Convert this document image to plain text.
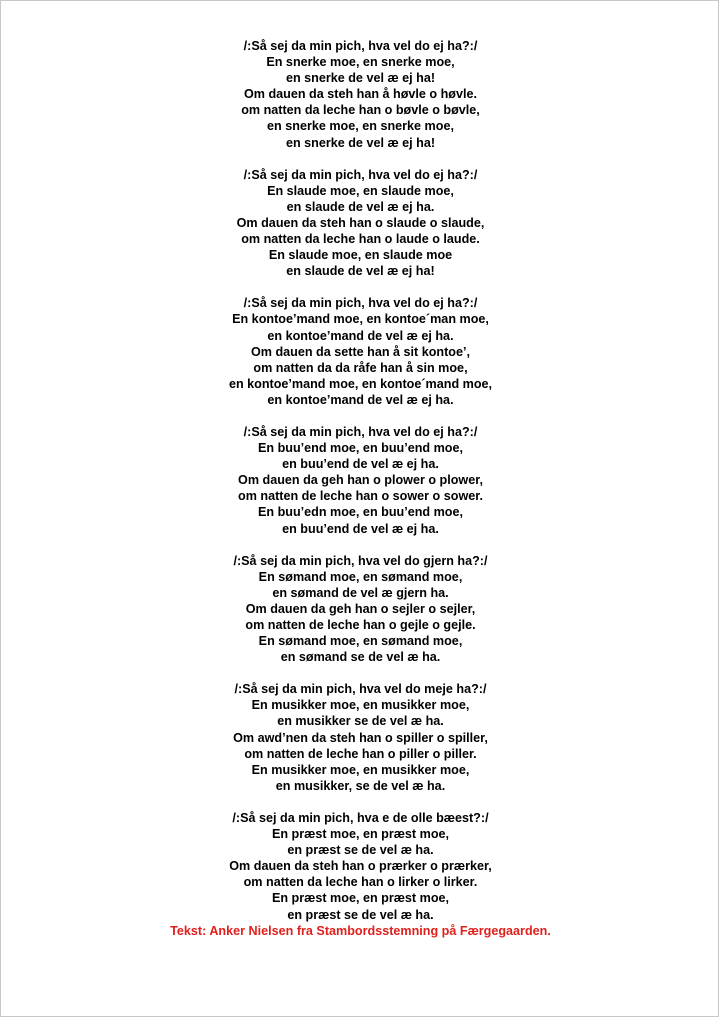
/:Så sej da min pich, hva vel do ej ha?:/
En snerke moe, en snerke moe,
en snerke de vel æ ej ha!
Om dauen da steh han å høvle o høvle.
om natten da leche han o bøvle o bøvle,
en snerke moe, en snerke moe,
en snerke de vel æ ej ha!
/:Så sej da min pich, hva vel do ej ha?:/
En slaude moe, en slaude moe,
en slaude de vel æ ej ha.
Om dauen da steh han o slaude o slaude,
om natten da leche han o laude o laude.
En slaude moe, en slaude moe
en slaude de vel æ ej ha!
/:Så sej da min pich, hva vel do ej ha?:/
En kontoe’mand moe, en kontoe´man moe,
en kontoe’mand de vel æ ej ha.
Om dauen da sette han å sit kontoe’,
om natten da da råfe han å sin moe,
en kontoe’mand moe, en kontoe´mand moe,
en kontoe’mand de vel æ ej ha.
/:Så sej da min pich, hva vel do ej ha?:/
En buu’end moe, en buu’end moe,
en buu’end de vel æ ej ha.
Om dauen da geh han o plower o plower,
om natten de leche han o sower o sower.
En buu’edn moe, en buu’end moe,
en buu’end de vel æ ej ha.
/:Så sej da min pich, hva vel do gjern ha?:/
En sømand moe, en sømand moe,
en sømand de vel æ gjern ha.
Om dauen da geh han o sejler o sejler,
om natten de leche han o gejle o gejle.
En sømand moe, en sømand moe,
en sømand se de vel æ ha.
/:Så sej da min pich, hva vel do meje ha?:/
En musikker moe, en musikker moe,
en musikker se de vel æ ha.
Om awd’nen da steh han o spiller o spiller,
om natten de leche han o piller o piller.
En musikker moe, en musikker moe,
en musikker, se de vel æ ha.
/:Så sej da min pich, hva e de olle bæest?:/
En præst moe, en præst moe,
en præst se de vel æ ha.
Om dauen da steh han o prærker o prærker,
om natten da leche han o lirker o lirker.
En præst moe, en præst moe,
en præst se de vel æ ha.
Tekst: Anker Nielsen fra Stambordsstemning på Færgegaarden.
